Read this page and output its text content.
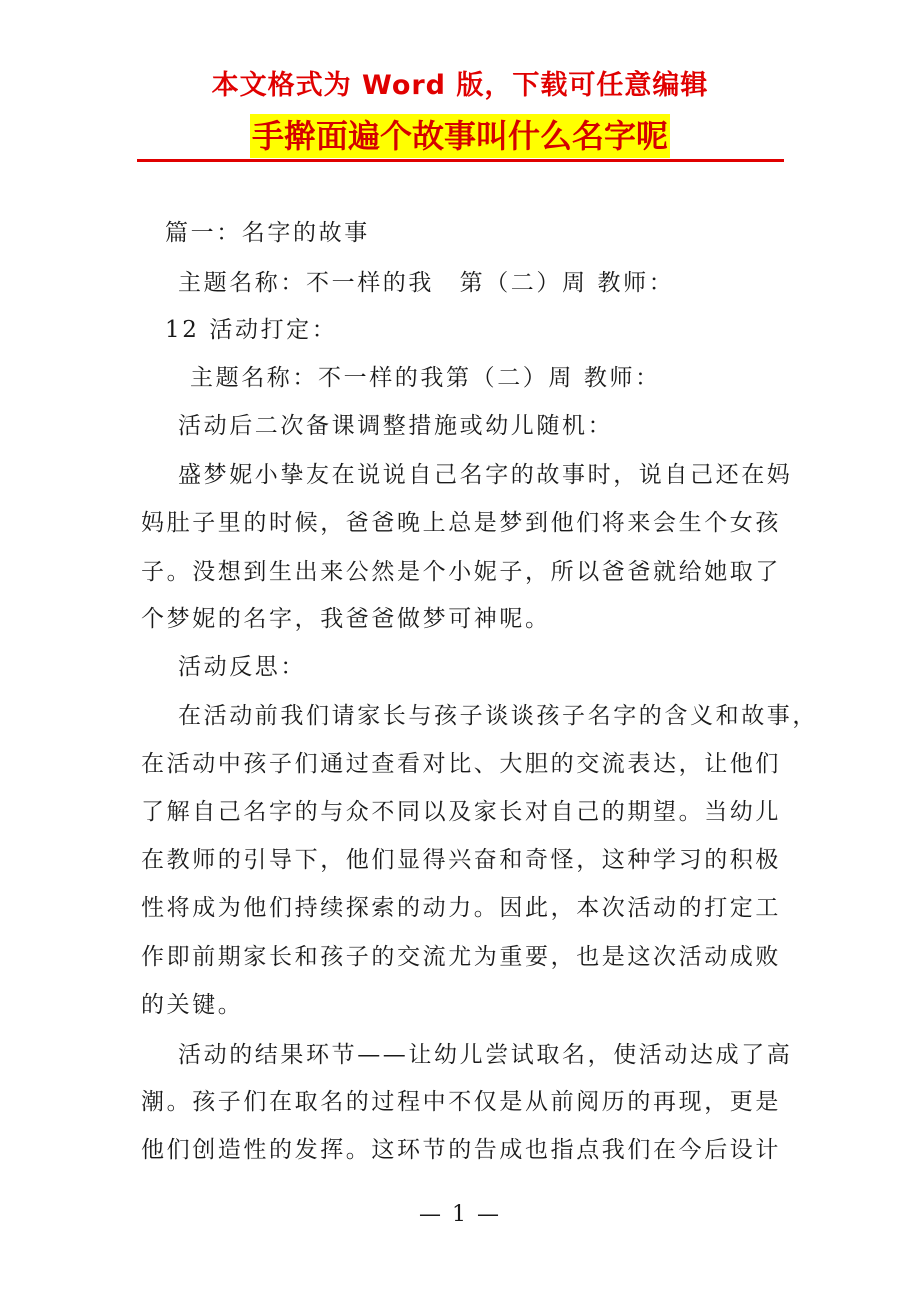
本文格式为 Word 版，下载可任意编辑
手擀面遍个故事叫什么名字呢
篇一：名字的故事
主题名称：不一样的我　第（二）周 教师：
12 活动打定：
主题名称：不一样的我第（二）周 教师：
活动后二次备课调整措施或幼儿随机：
盛梦妮小挚友在说说自己名字的故事时，说自己还在妈
妈肚子里的时候，爸爸晚上总是梦到他们将来会生个女孩
子。没想到生出来公然是个小妮子，所以爸爸就给她取了
个梦妮的名字，我爸爸做梦可神呢。
活动反思：
在活动前我们请家长与孩子谈谈孩子名字的含义和故事，
在活动中孩子们通过查看对比、大胆的交流表达，让他们
了解自己名字的与众不同以及家长对自己的期望。当幼儿
在教师的引导下，他们显得兴奋和奇怪，这种学习的积极
性将成为他们持续探索的动力。因此，本次活动的打定工
作即前期家长和孩子的交流尤为重要，也是这次活动成败
的关键。
活动的结果环节——让幼儿尝试取名，使活动达成了高
潮。孩子们在取名的过程中不仅是从前阅历的再现，更是
他们创造性的发挥。这环节的告成也指点我们在今后设计
— 1 —
